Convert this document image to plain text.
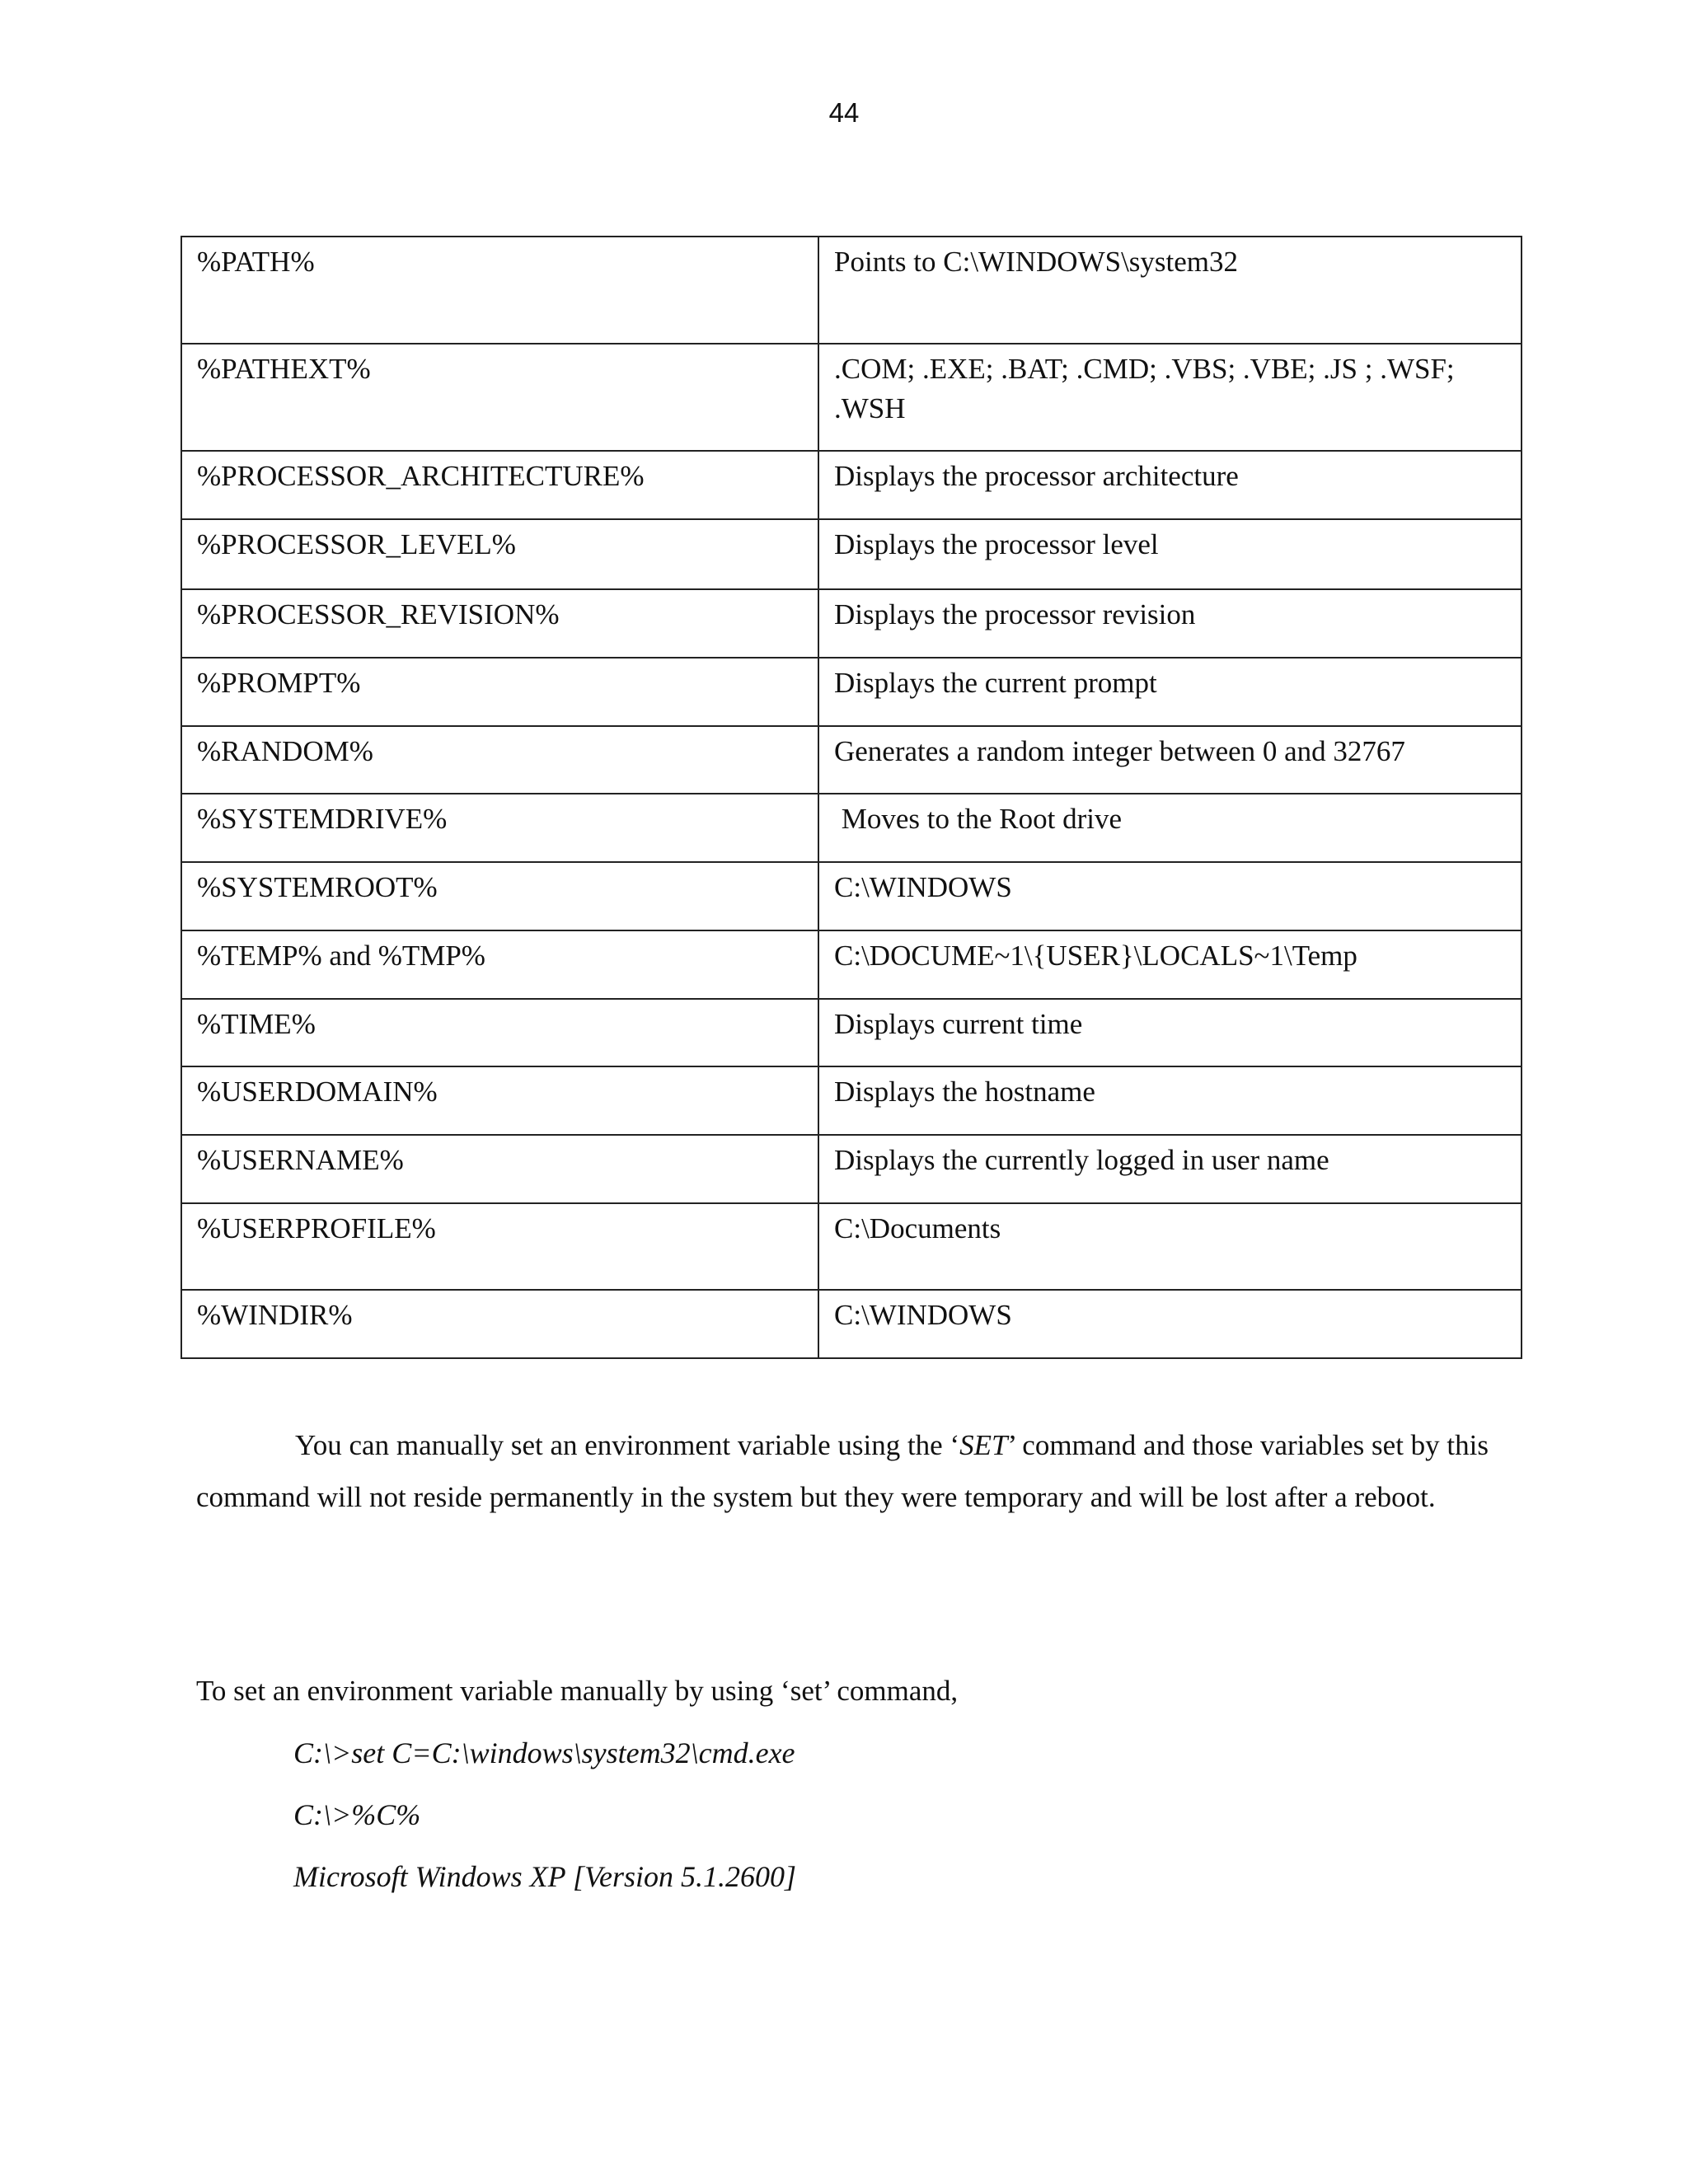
44
%PATH%	Points to C:\WINDOWS\system32
%PATHEXT%	.COM; .EXE; .BAT; .CMD; .VBS; .VBE; .JS ; .WSF; .WSH
%PROCESSOR_ARCHITECTURE%	Displays the processor architecture
%PROCESSOR_LEVEL%	Displays the processor level
%PROCESSOR_REVISION%	Displays the processor revision
%PROMPT%	Displays the current prompt
%RANDOM%	Generates a random integer between 0 and 32767
%SYSTEMDRIVE%	Moves to the Root drive
%SYSTEMROOT%	C:\WINDOWS
%TEMP% and %TMP%	C:\DOCUME~1\{USER}\LOCALS~1\Temp
%TIME%	Displays current time
%USERDOMAIN%	Displays the hostname
%USERNAME%	Displays the currently logged in user name
%USERPROFILE%	C:\Documents
%WINDIR%	C:\WINDOWS

You can manually set an environment variable using the ‘SET’ command and those variables set by this command will not reside permanently in the system but they were temporary and will be lost after a reboot.

To set an environment variable manually by using ‘set’ command,

C:\>set C=C:\windows\system32\cmd.exe

C:\>%C%

Microsoft Windows XP [Version 5.1.2600]
